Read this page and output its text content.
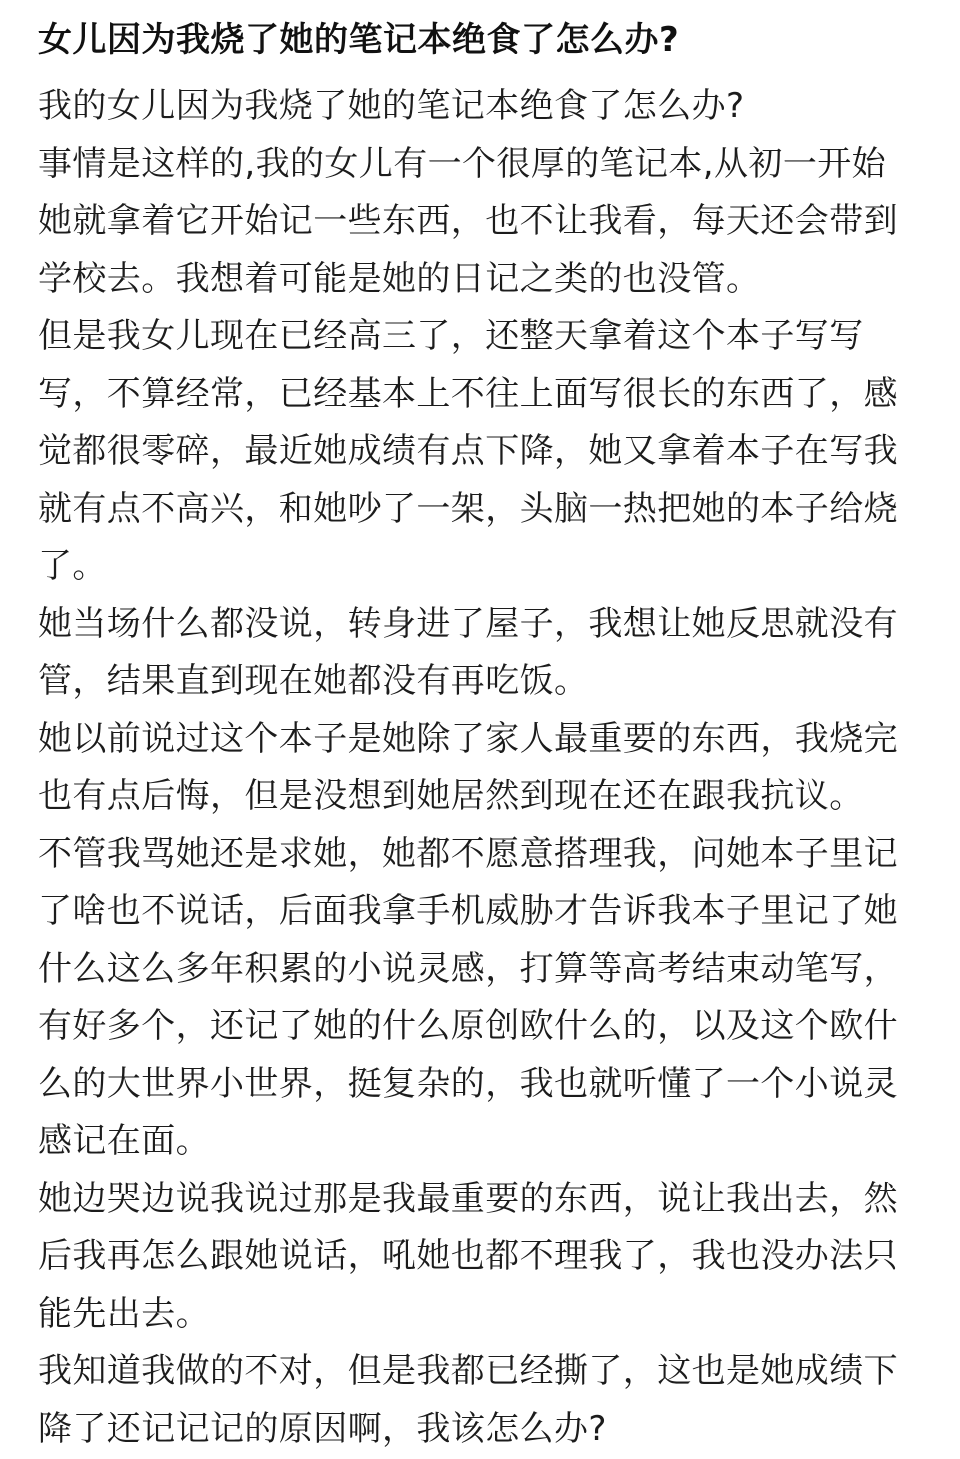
女儿因为我烧了她的笔记本绝食了怎么办?

我的女儿因为我烧了她的笔记本绝食了怎么办?

事情是这样的,我的女儿有一个很厚的笔记本,从初一开始
她就拿着它开始记一些东西，也不让我看，每天还会带到
学校去。我想着可能是她的日记之类的也没管。

但是我女儿现在已经高三了，还整天拿着这个本子写写
写，不算经常，已经基本上不往上面写很长的东西了，感
觉都很零碎，最近她成绩有点下降，她又拿着本子在写我
就有点不高兴，和她吵了一架，头脑一热把她的本子给烧
了。

她当场什么都没说，转身进了屋子，我想让她反思就没有
管，结果直到现在她都没有再吃饭。

她以前说过这个本子是她除了家人最重要的东西，我烧完
也有点后悔，但是没想到她居然到现在还在跟我抗议。

不管我骂她还是求她，她都不愿意搭理我，问她本子里记
了啥也不说话，后面我拿手机威胁才告诉我本子里记了她
什么这么多年积累的小说灵感，打算等高考结束动笔写，
有好多个，还记了她的什么原创欧什么的，以及这个欧什
么的大世界小世界，挺复杂的，我也就听懂了一个小说灵
感记在面。

她边哭边说我说过那是我最重要的东西，说让我出去，然
后我再怎么跟她说话，吼她也都不理我了，我也没办法只
能先出去。

我知道我做的不对，但是我都已经撕了，这也是她成绩下
降了还记记记的原因啊，我该怎么办?
